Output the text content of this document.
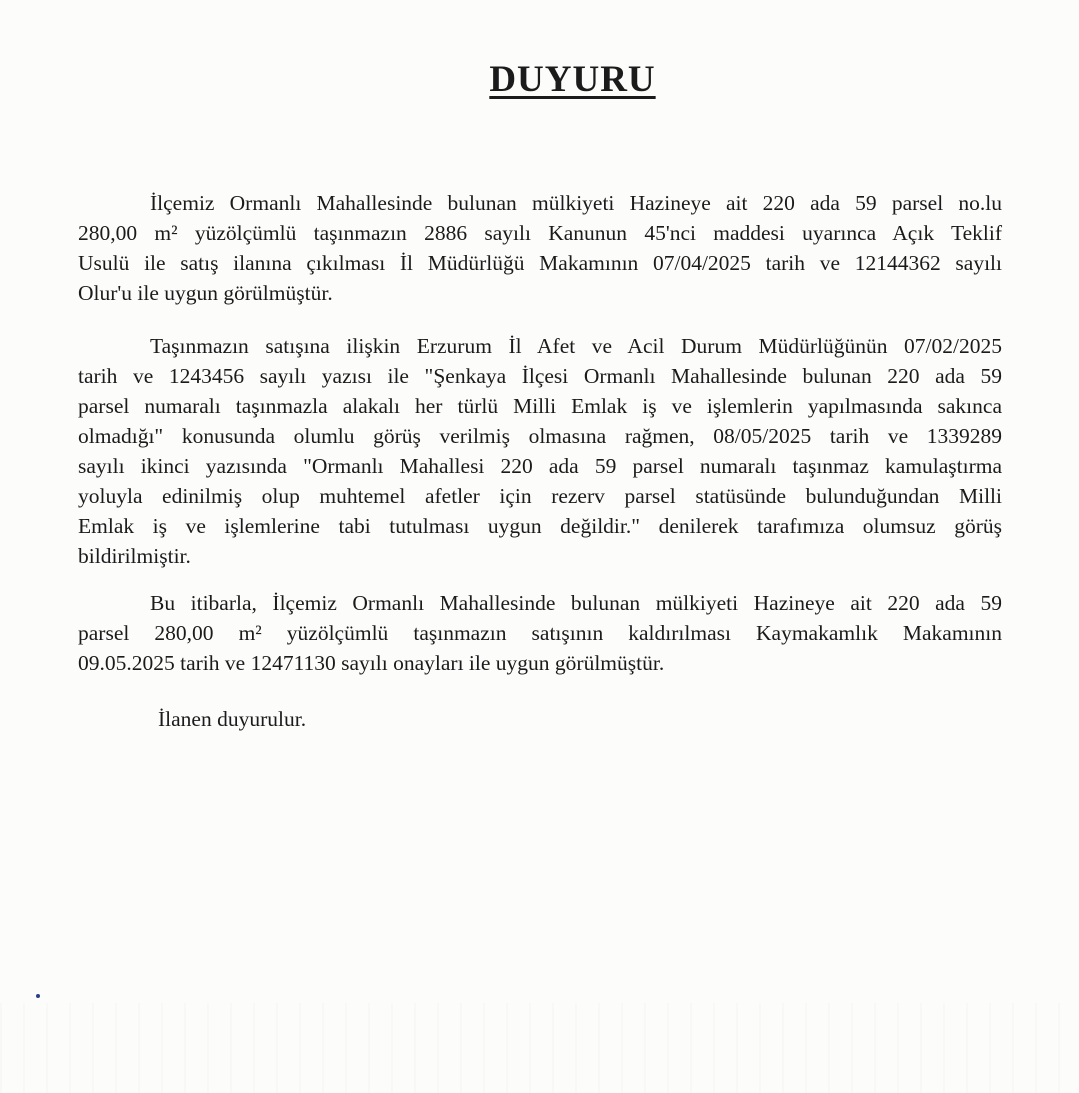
DUYURU
İlçemiz Ormanlı Mahallesinde bulunan mülkiyeti Hazineye ait 220 ada 59 parsel no.lu
280,00 m² yüzölçümlü taşınmazın 2886 sayılı Kanunun 45'nci maddesi uyarınca Açık Teklif
Usulü ile satış ilanına çıkılması İl Müdürlüğü Makamının 07/04/2025 tarih ve 12144362 sayılı
Olur'u ile uygun görülmüştür.
Taşınmazın satışına ilişkin Erzurum İl Afet ve Acil Durum Müdürlüğünün 07/02/2025
tarih ve 1243456 sayılı yazısı ile "Şenkaya İlçesi Ormanlı Mahallesinde bulunan 220 ada 59
parsel numaralı taşınmazla alakalı her türlü Milli Emlak iş ve işlemlerin yapılmasında sakınca
olmadığı" konusunda olumlu görüş verilmiş olmasına rağmen, 08/05/2025 tarih ve 1339289
sayılı ikinci yazısında "Ormanlı Mahallesi 220 ada 59 parsel numaralı taşınmaz kamulaştırma
yoluyla edinilmiş olup muhtemel afetler için rezerv parsel statüsünde bulunduğundan Milli
Emlak iş ve işlemlerine tabi tutulması uygun değildir." denilerek tarafımıza olumsuz görüş
bildirilmiştir.
Bu itibarla, İlçemiz Ormanlı Mahallesinde bulunan mülkiyeti Hazineye ait 220 ada 59
parsel 280,00 m² yüzölçümlü taşınmazın satışının kaldırılması Kaymakamlık Makamının
09.05.2025 tarih ve 12471130 sayılı onayları ile uygun görülmüştür.
İlanen duyurulur.
